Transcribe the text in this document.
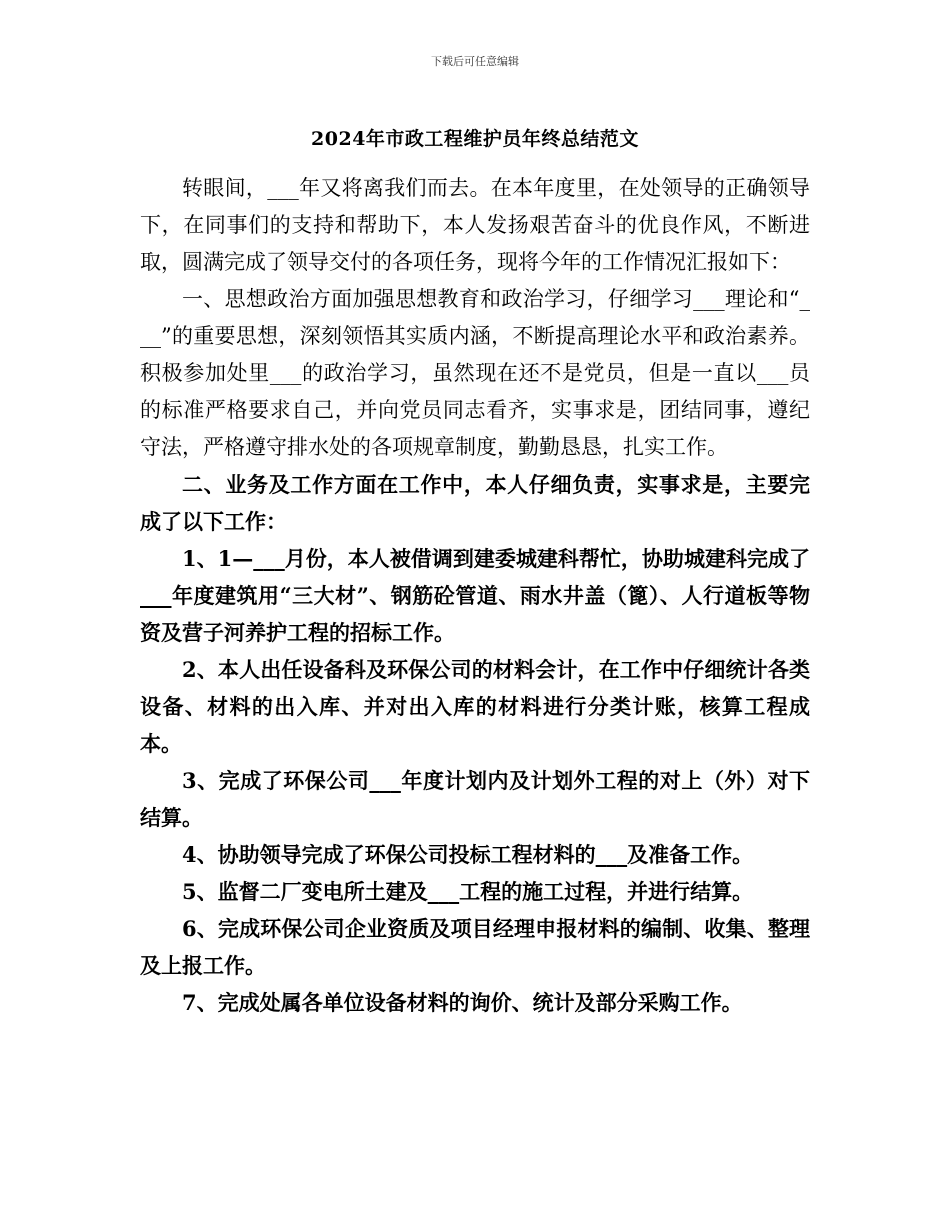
下载后可任意编辑
2024年市政工程维护员年终总结范文

转眼间，___年又将离我们而去。在本年度里，在处领导的正确领导下，在同事们的支持和帮助下，本人发扬艰苦奋斗的优良作风，不断进取，圆满完成了领导交付的各项任务，现将今年的工作情况汇报如下：

一、思想政治方面加强思想教育和政治学习，仔细学习___理论和“___”的重要思想，深刻领悟其实质内涵，不断提高理论水平和政治素养。积极参加处里___的政治学习，虽然现在还不是党员，但是一直以___员的标准严格要求自己，并向党员同志看齐，实事求是，团结同事，遵纪守法，严格遵守排水处的各项规章制度，勤勤恳恳，扎实工作。

二、业务及工作方面在工作中，本人仔细负责，实事求是，主要完成了以下工作：

1、1—___月份，本人被借调到建委城建科帮忙，协助城建科完成了___年度建筑用“三大材”、钢筋砼管道、雨水井盖（篦）、人行道板等物资及营子河养护工程的招标工作。

2、本人出任设备科及环保公司的材料会计，在工作中仔细统计各类设备、材料的出入库、并对出入库的材料进行分类计账，核算工程成本。

3、完成了环保公司___年度计划内及计划外工程的对上（外）对下结算。

4、协助领导完成了环保公司投标工程材料的___及准备工作。

5、监督二厂变电所土建及___工程的施工过程，并进行结算。

6、完成环保公司企业资质及项目经理申报材料的编制、收集、整理及上报工作。

7、完成处属各单位设备材料的询价、统计及部分采购工作。
